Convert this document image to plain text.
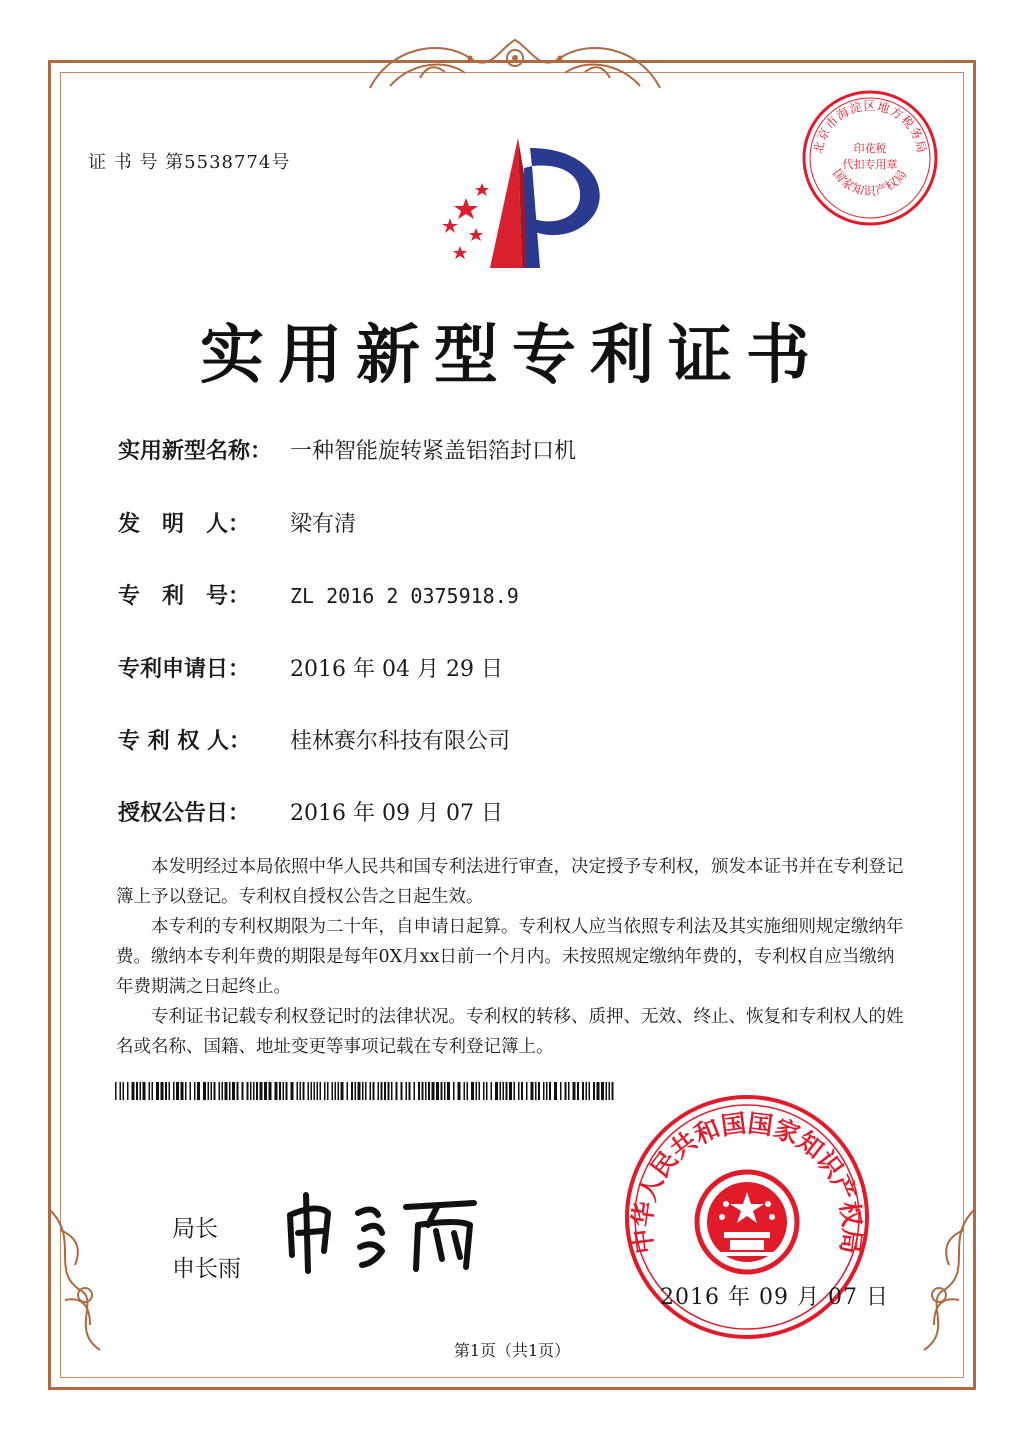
证 书 号 第5538774号
北京市海淀区地方税务局
印花税
代扣专用章
国家知识产权局
实用新型专利证书
实用新型名称： 一种智能旋转紧盖铝箔封口机
发　明　人： 梁有清
专　利　号： ZL 2016 2 0375918.9
专利申请日： 2016 年 04 月 29 日
专 利 权 人： 桂林赛尔科技有限公司
授权公告日： 2016 年 09 月 07 日

本发明经过本局依照中华人民共和国专利法进行审查，决定授予专利权，颁发本证书并在专利登记簿上予以登记。专利权自授权公告之日起生效。

本专利的专利权期限为二十年，自申请日起算。专利权人应当依照专利法及其实施细则规定缴纳年费。缴纳本专利年费的期限是每年0X月xx日前一个月内。未按照规定缴纳年费的，专利权自应当缴纳年费期满之日起终止。

专利证书记载专利权登记时的法律状况。专利权的转移、质押、无效、终止、恢复和专利权人的姓名或名称、国籍、地址变更等事项记载在专利登记簿上。

中华人民共和国国家知识产权局
局长
申长雨
2016 年 09 月 07 日
第1页（共1页）
